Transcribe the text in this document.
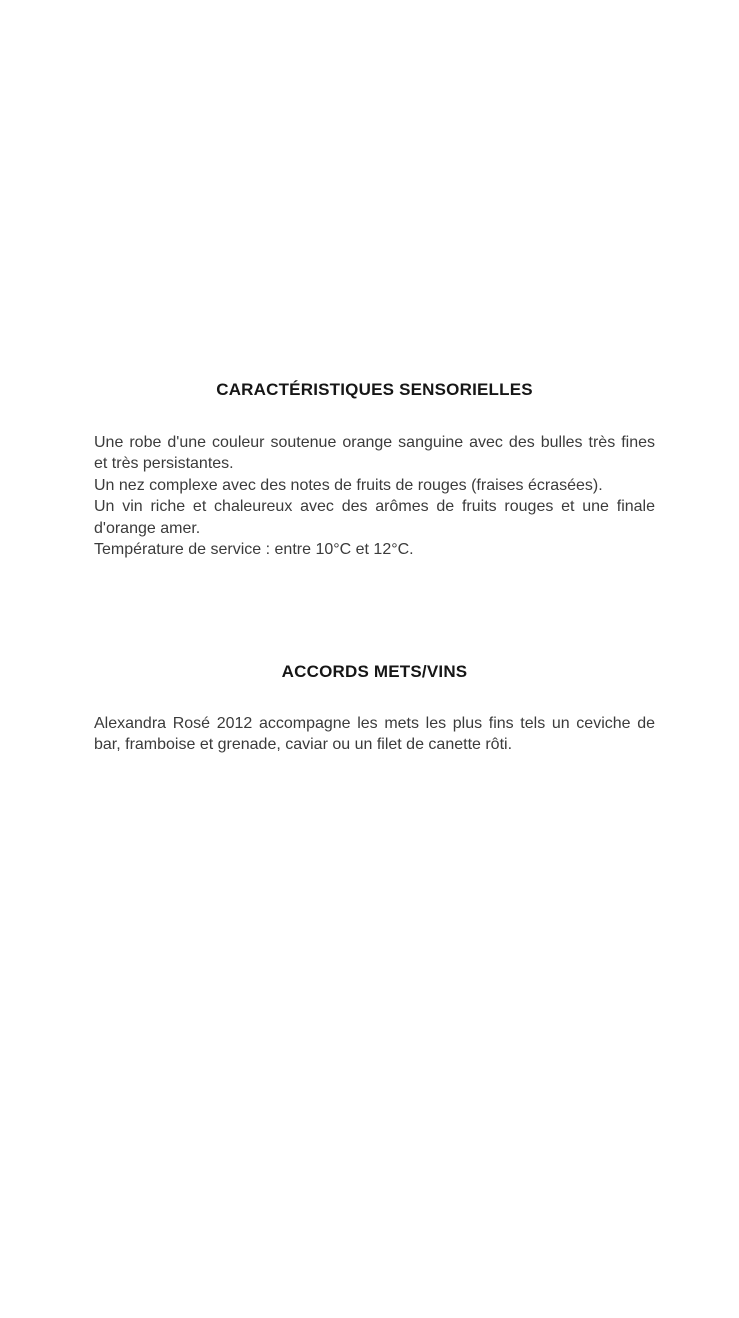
CARACTÉRISTIQUES SENSORIELLES

Une robe d'une couleur soutenue orange sanguine avec des bulles très fines et très persistantes.

Un nez complexe avec des notes de fruits de rouges (fraises écrasées).

Un vin riche et chaleureux avec des arômes de fruits rouges et une finale d'orange amer.

Température de service : entre 10°C et 12°C.

ACCORDS METS/VINS

Alexandra Rosé 2012 accompagne les mets les plus fins tels un ceviche de bar, framboise et grenade, caviar ou un filet de canette rôti.
